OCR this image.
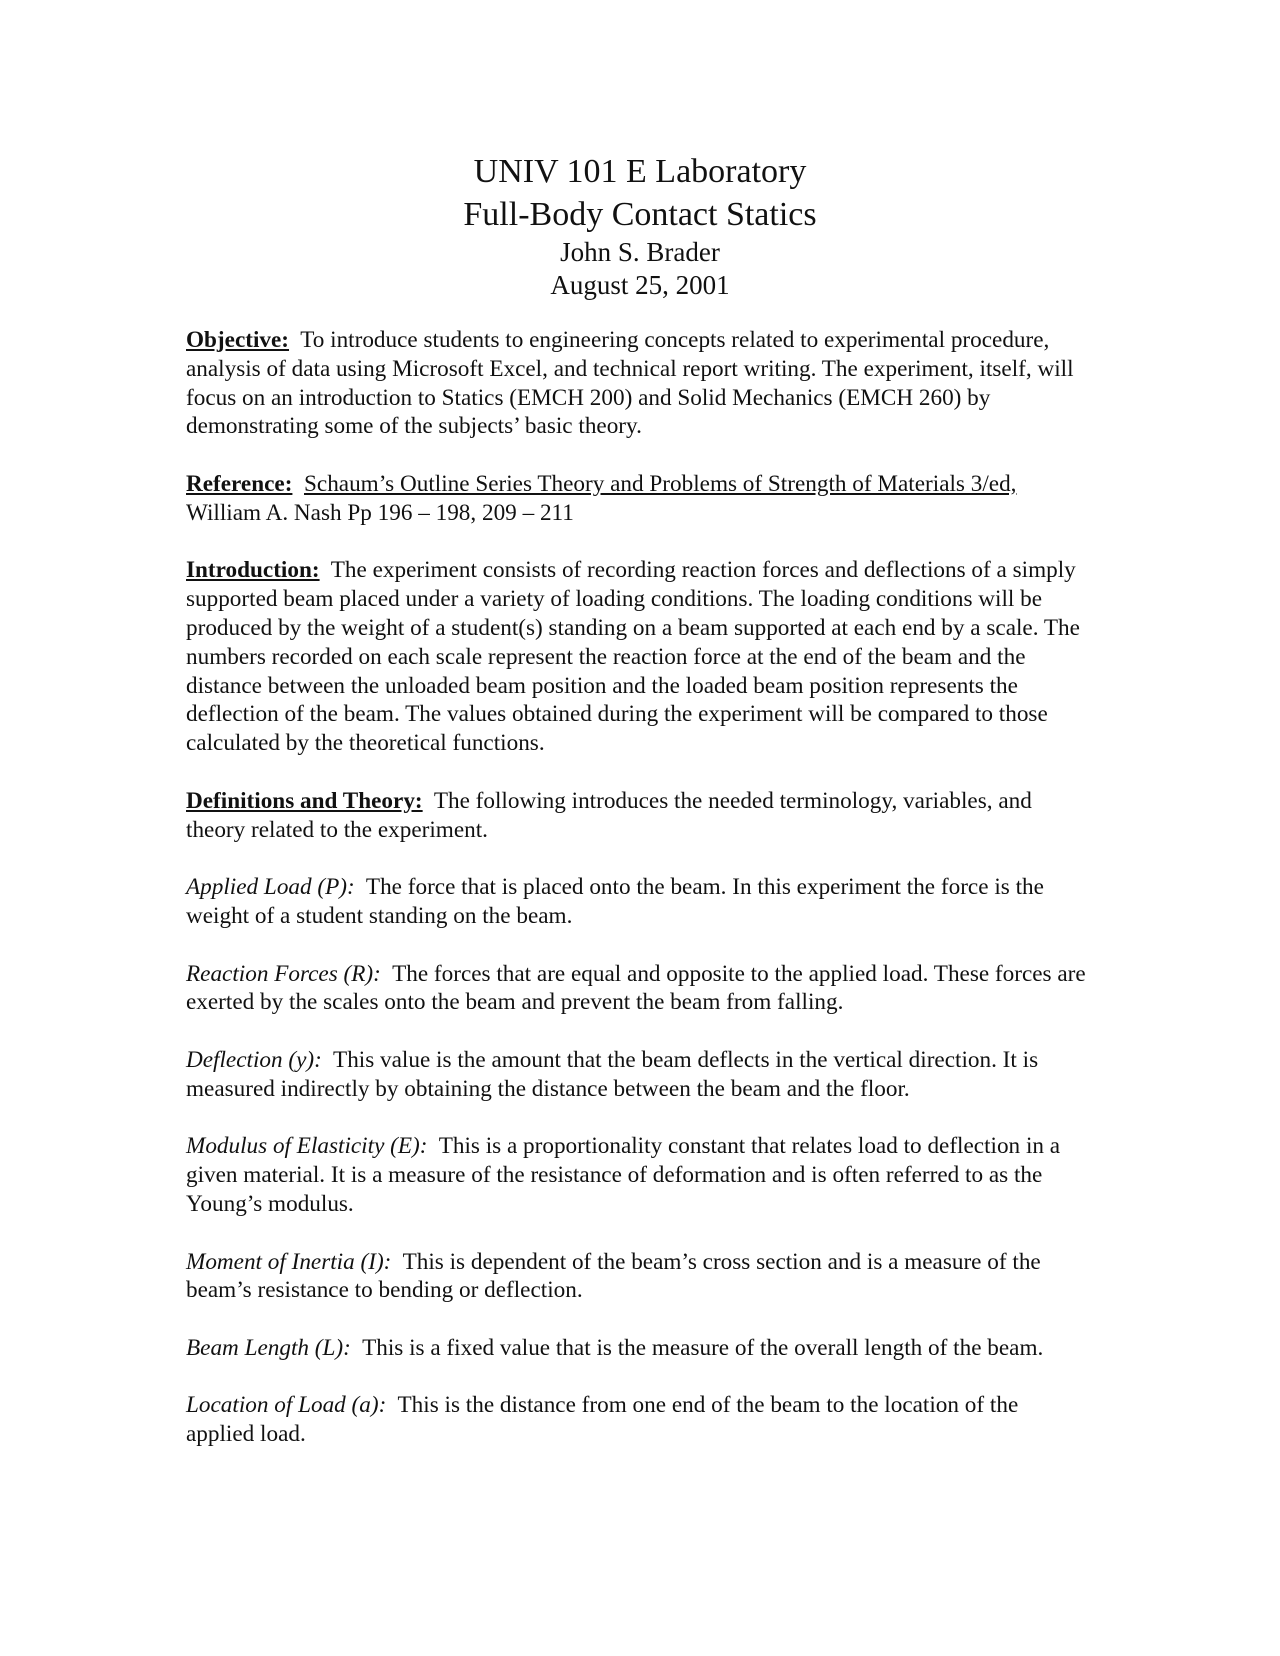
UNIV 101 E Laboratory

Full-Body Contact Statics

John S. Brader

August 25, 2001

Objective: To introduce students to engineering concepts related to experimental procedure, analysis of data using Microsoft Excel, and technical report writing. The experiment, itself, will focus on an introduction to Statics (EMCH 200) and Solid Mechanics (EMCH 260) by demonstrating some of the subjects’ basic theory.

Reference: Schaum’s Outline Series Theory and Problems of Strength of Materials 3/ed, William A. Nash Pp 196 – 198, 209 – 211

Introduction: The experiment consists of recording reaction forces and deflections of a simply supported beam placed under a variety of loading conditions. The loading conditions will be produced by the weight of a student(s) standing on a beam supported at each end by a scale. The numbers recorded on each scale represent the reaction force at the end of the beam and the distance between the unloaded beam position and the loaded beam position represents the deflection of the beam. The values obtained during the experiment will be compared to those calculated by the theoretical functions.

Definitions and Theory: The following introduces the needed terminology, variables, and theory related to the experiment.

Applied Load (P): The force that is placed onto the beam. In this experiment the force is the weight of a student standing on the beam.

Reaction Forces (R): The forces that are equal and opposite to the applied load. These forces are exerted by the scales onto the beam and prevent the beam from falling.

Deflection (y): This value is the amount that the beam deflects in the vertical direction. It is measured indirectly by obtaining the distance between the beam and the floor.

Modulus of Elasticity (E): This is a proportionality constant that relates load to deflection in a given material. It is a measure of the resistance of deformation and is often referred to as the Young’s modulus.

Moment of Inertia (I): This is dependent of the beam’s cross section and is a measure of the beam’s resistance to bending or deflection.

Beam Length (L): This is a fixed value that is the measure of the overall length of the beam.

Location of Load (a): This is the distance from one end of the beam to the location of the applied load.
